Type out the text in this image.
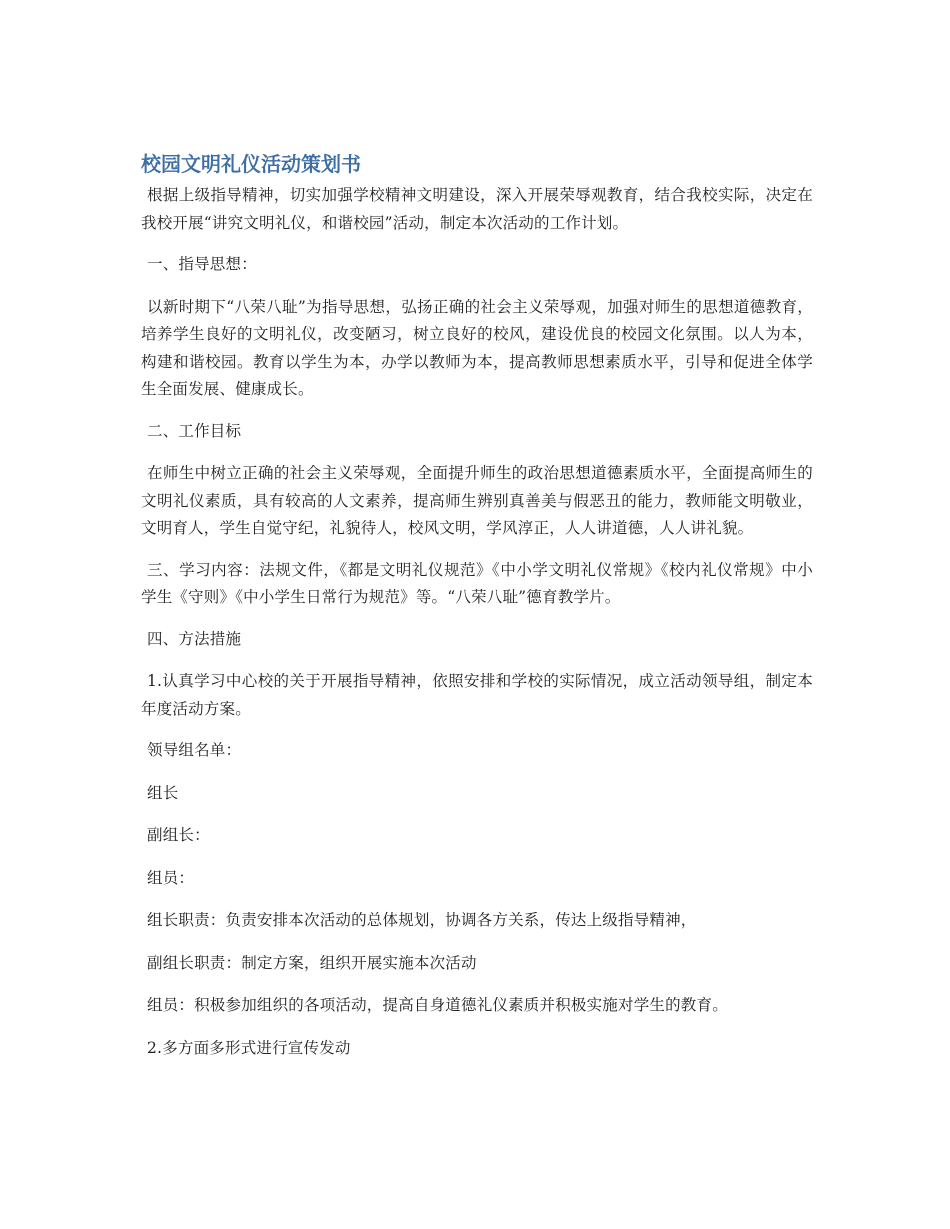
校园文明礼仪活动策划书

根据上级指导精神，切实加强学校精神文明建设，深入开展荣辱观教育，结合我校实际，决定在我校开展“讲究文明礼仪，和谐校园”活动，制定本次活动的工作计划。

一、指导思想：

以新时期下“八荣八耻”为指导思想，弘扬正确的社会主义荣辱观，加强对师生的思想道德教育，培养学生良好的文明礼仪，改变陋习，树立良好的校风，建设优良的校园文化氛围。以人为本，构建和谐校园。教育以学生为本，办学以教师为本，提高教师思想素质水平，引导和促进全体学生全面发展、健康成长。

二、工作目标

在师生中树立正确的社会主义荣辱观，全面提升师生的政治思想道德素质水平，全面提高师生的文明礼仪素质，具有较高的人文素养，提高师生辨别真善美与假恶丑的能力，教师能文明敬业，文明育人，学生自觉守纪，礼貌待人，校风文明，学风淳正，人人讲道德，人人讲礼貌。

三、学习内容：法规文件，《都是文明礼仪规范》《中小学文明礼仪常规》《校内礼仪常规》中小学生《守则》《中小学生日常行为规范》等。“八荣八耻”德育教学片。

四、方法措施

1.认真学习中心校的关于开展指导精神，依照安排和学校的实际情况，成立活动领导组，制定本年度活动方案。

领导组名单：

组长

副组长：

组员：

组长职责：负责安排本次活动的总体规划，协调各方关系，传达上级指导精神，

副组长职责：制定方案，组织开展实施本次活动

组员：积极参加组织的各项活动，提高自身道德礼仪素质并积极实施对学生的教育。

2.多方面多形式进行宣传发动
